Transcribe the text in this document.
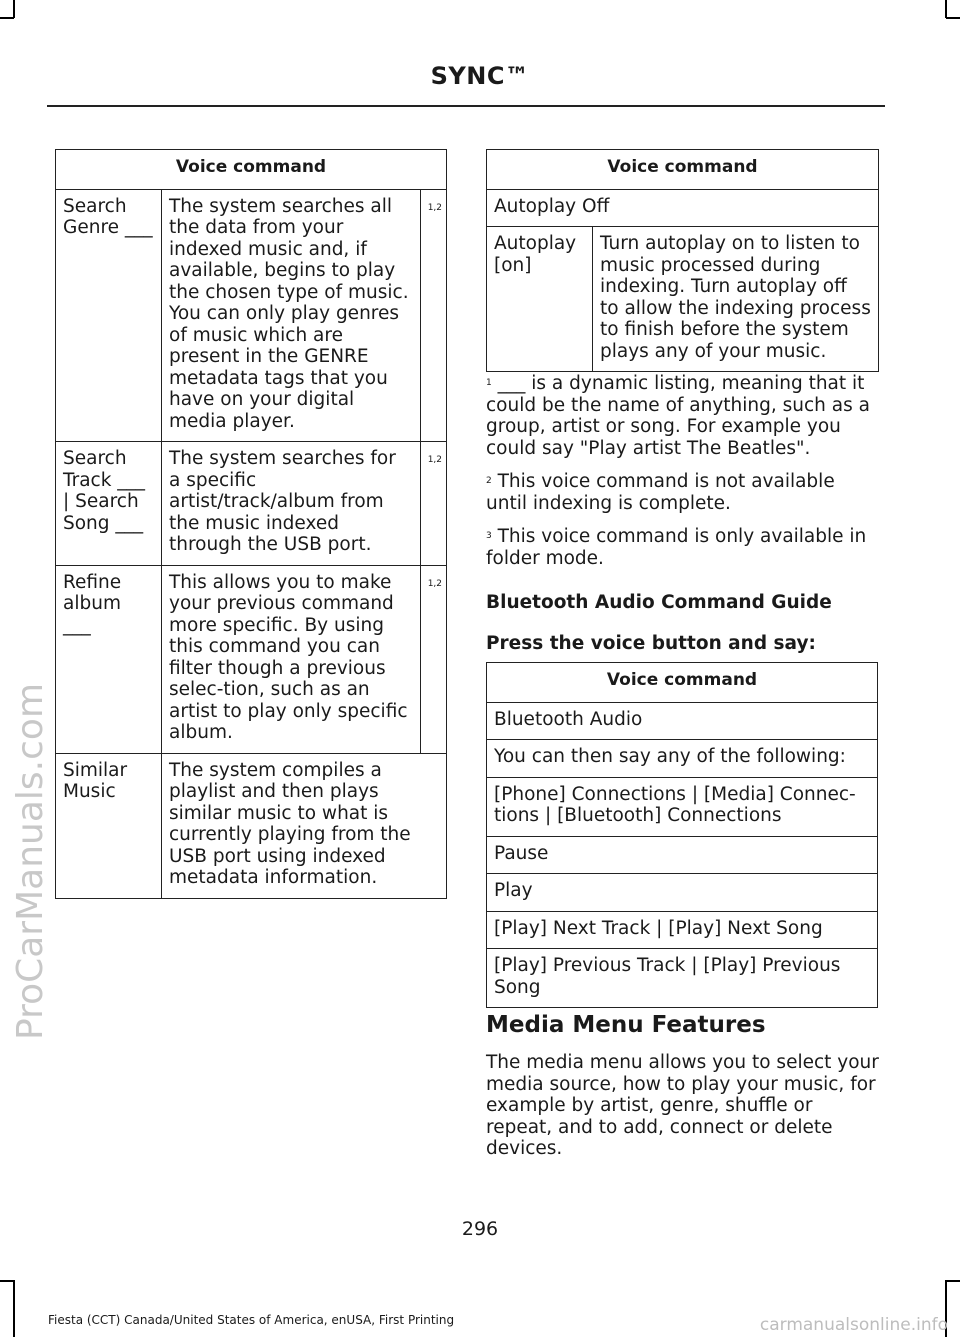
SYNC™
ProCarManuals.com
Voice command		
Search Genre ___	The system searches all the data from your indexed music and, if available, begins to play the chosen type of music. You can only play genres of music which are present in the GENRE metadata tags that you have on your digital media player.	1,2
Search Track ___ | Search Song ___	The system searches for a specific artist/track/album from the music indexed through the USB port.	1,2
Refine album ___	This allows you to make your previous command more specific. By using this command you can filter though a previous selec-tion, such as an artist to play only specific album.	1,2
Similar Music	The system compiles a playlist and then plays similar music to what is currently playing from the USB port using indexed metadata information.	
Voice command
Autoplay Off
Autoplay [on]	Turn autoplay on to listen to music processed during indexing. Turn autoplay off to allow the indexing process to finish before the system plays any of your music.

$^1$ ___ is a dynamic listing, meaning that it could be the name of anything, such as a group, artist or song. For example you could say "Play artist The Beatles".

$^2$ This voice command is not available until indexing is complete.

$^3$ This voice command is only available in folder mode.

Bluetooth Audio Command Guide

Press the voice button and say:

Voice command
Bluetooth Audio
You can then say any of the following:
[Phone] Connections | [Media] Connec-tions | [Bluetooth] Connections
Pause
Play
[Play] Next Track | [Play] Next Song
[Play] Previous Track | [Play] Previous Song
Media Menu Features
The media menu allows you to select your media source, how to play your music, for example by artist, genre, shuffle or repeat, and to add, connect or delete devices.
296
Fiesta (CCT) Canada/United States of America, enUSA, First Printing	carmanualsonline.info
